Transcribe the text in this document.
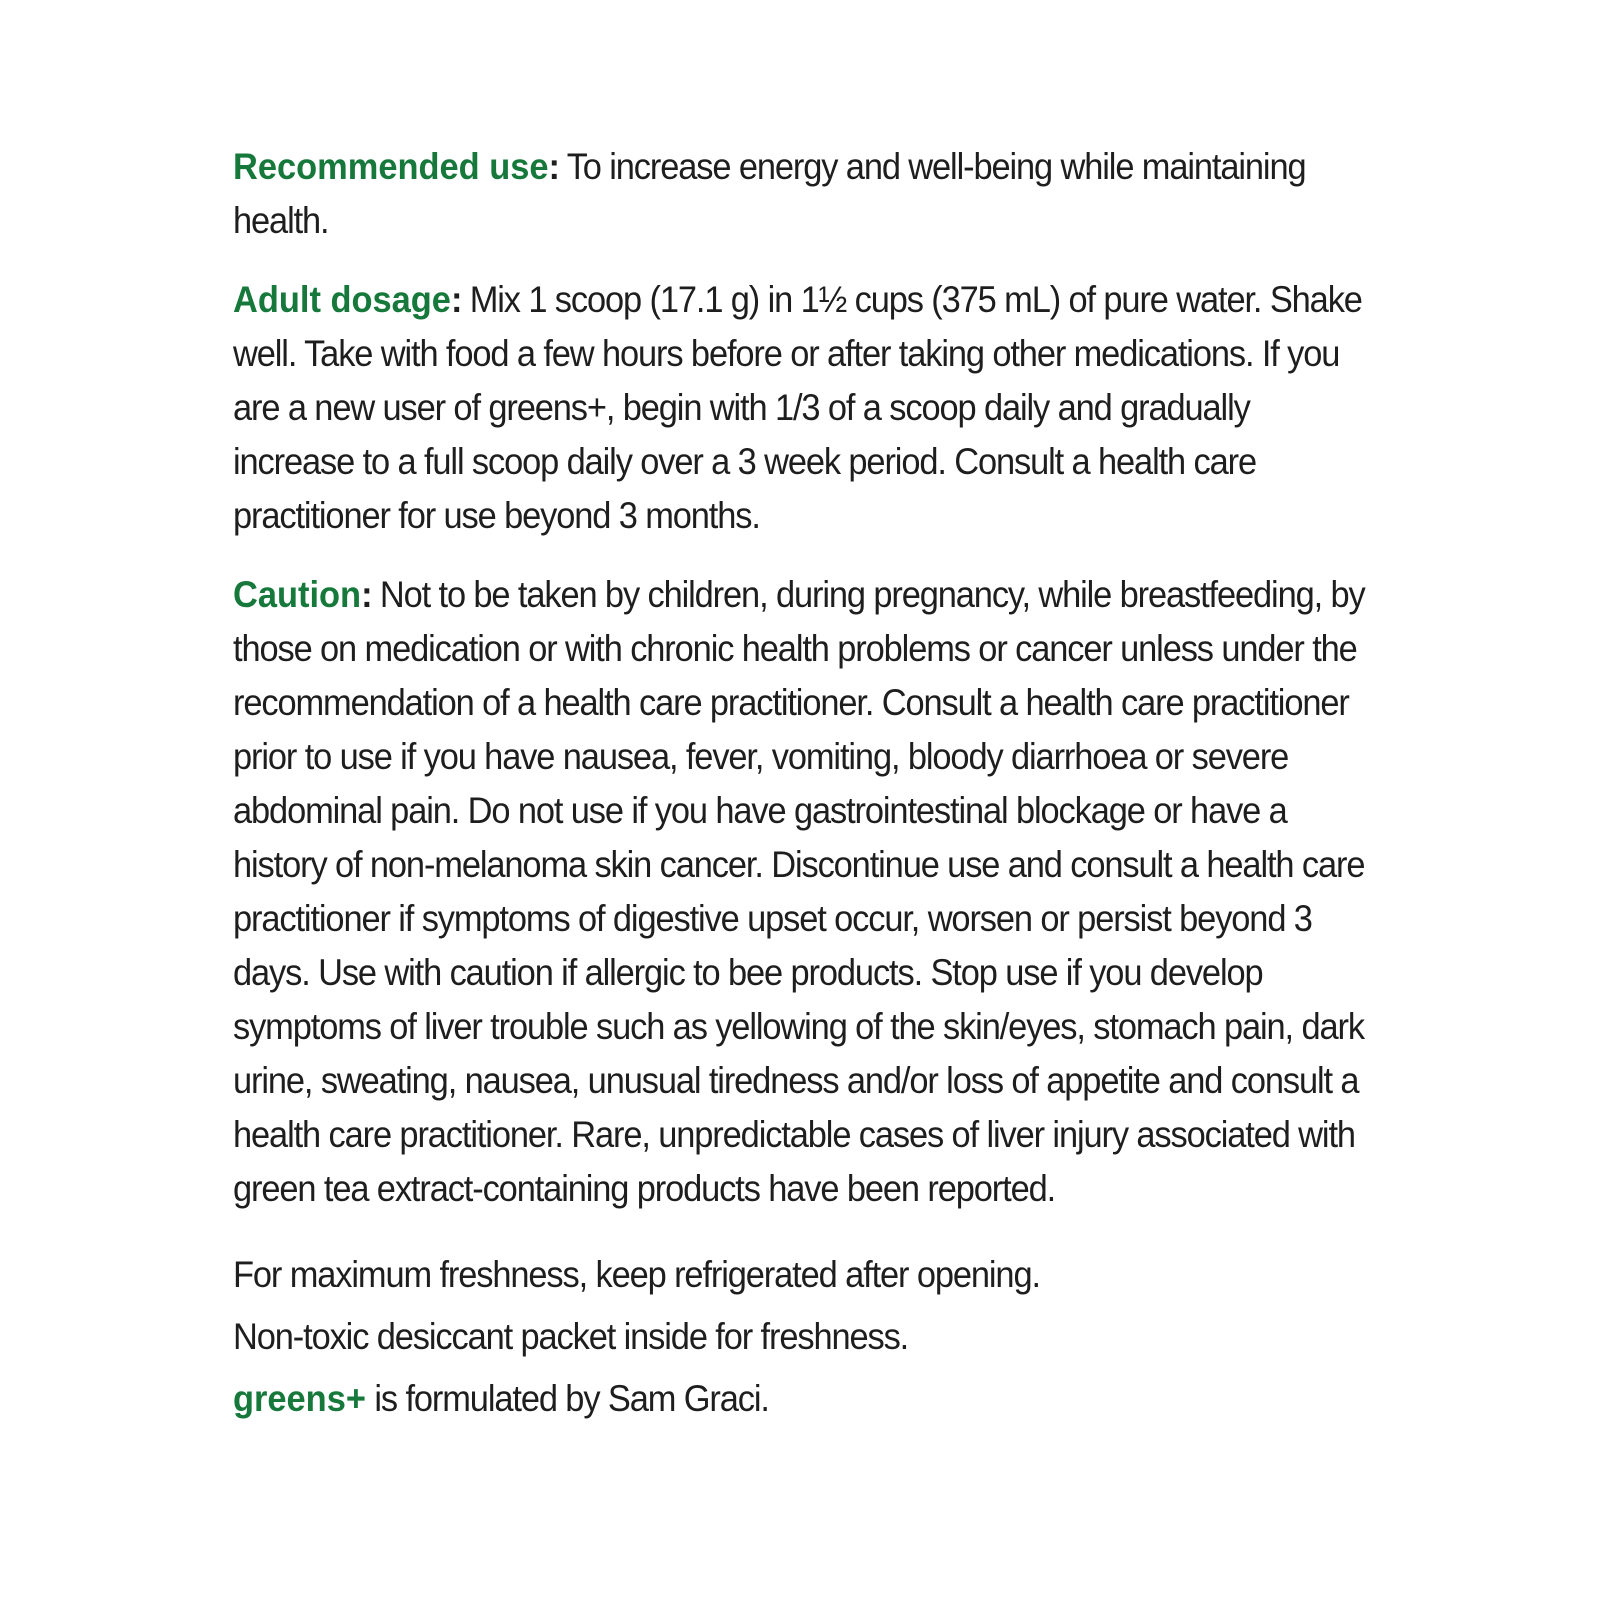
Recommended use: To increase energy and well-being while maintaining health.

Adult dosage: Mix 1 scoop (17.1 g) in 1½ cups (375 mL) of pure water. Shake well. Take with food a few hours before or after taking other medications. If you are a new user of greens+, begin with 1/3 of a scoop daily and gradually increase to a full scoop daily over a 3 week period. Consult a health care practitioner for use beyond 3 months.

Caution: Not to be taken by children, during pregnancy, while breastfeeding, by those on medication or with chronic health problems or cancer unless under the recommendation of a health care practitioner. Consult a health care practitioner prior to use if you have nausea, fever, vomiting, bloody diarrhoea or severe abdominal pain. Do not use if you have gastrointestinal blockage or have a history of non-melanoma skin cancer. Discontinue use and consult a health care practitioner if symptoms of digestive upset occur, worsen or persist beyond 3 days. Use with caution if allergic to bee products. Stop use if you develop symptoms of liver trouble such as yellowing of the skin/eyes, stomach pain, dark urine, sweating, nausea, unusual tiredness and/or loss of appetite and consult a health care practitioner. Rare, unpredictable cases of liver injury associated with green tea extract-containing products have been reported.

For maximum freshness, keep refrigerated after opening.

Non-toxic desiccant packet inside for freshness.

greens+ is formulated by Sam Graci.
